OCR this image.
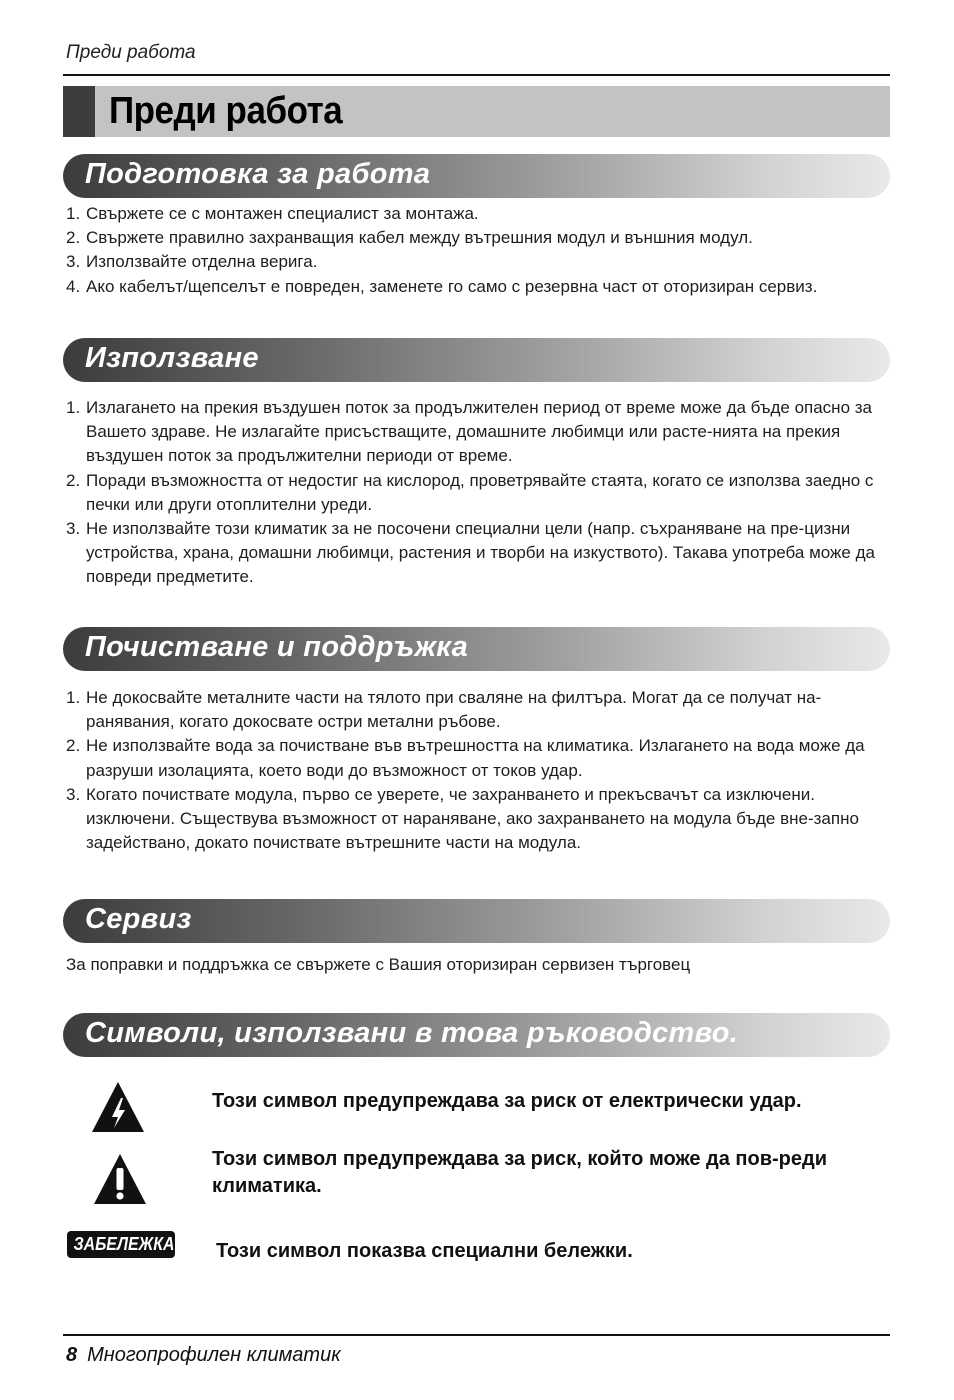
Преди работа
Преди работа
Подготовка за работа
1. Свържете се с монтажен специалист за монтажа.
2. Свържете правилно захранващия кабел между вътрешния модул и външния модул.
3. Използвайте отделна верига.
4. Ако кабелът/щепселът е повреден, заменете го само с резервна част от оторизиран сервиз.
Използване
1. Излагането на прекия въздушен поток за продължителен период от време може да бъде опасно за Вашето здраве. Не излагайте присъстващите, домашните любимци или расте-нията на прекия въздушен поток за продължителни периоди от време.
2. Поради възможността от недостиг на кислород, проветрявайте стаята, когато се използва заедно с печки или други отоплителни уреди.
3. Не използвайте този климатик за не посочени специални цели (напр. съхраняване на пре-цизни устройства, храна, домашни любимци, растения и творби на изкуството). Такава употреба може да повреди предметите.
Почистване и поддръжка
1. Не докосвайте металните части на тялото при сваляне на филтъра. Могат да се получат на-ранявания, когато докосвате остри метални ръбове.
2. Не използвайте вода за почистване във вътрешността на климатика. Излагането на вода може да разруши изолацията, което води до възможност от токов удар.
3. Когато почиствате модула, първо се уверете, че захранването и прекъсвачът са изключени. изключени. Съществува възможност от нараняване, ако захранването на модула бъде вне-запно задействано, докато почиствате вътрешните части на модула.
Сервиз
За поправки и поддръжка се свържете с Вашия оторизиран сервизен търговец
Символи, използвани в това ръководство.
Този символ предупреждава за риск от електрически удар.
Този символ предупреждава за риск, който може да пов-реди климатика.
ЗАБЕЛЕЖКА Този символ показва специални бележки.
8 Многопрофилен климатик
